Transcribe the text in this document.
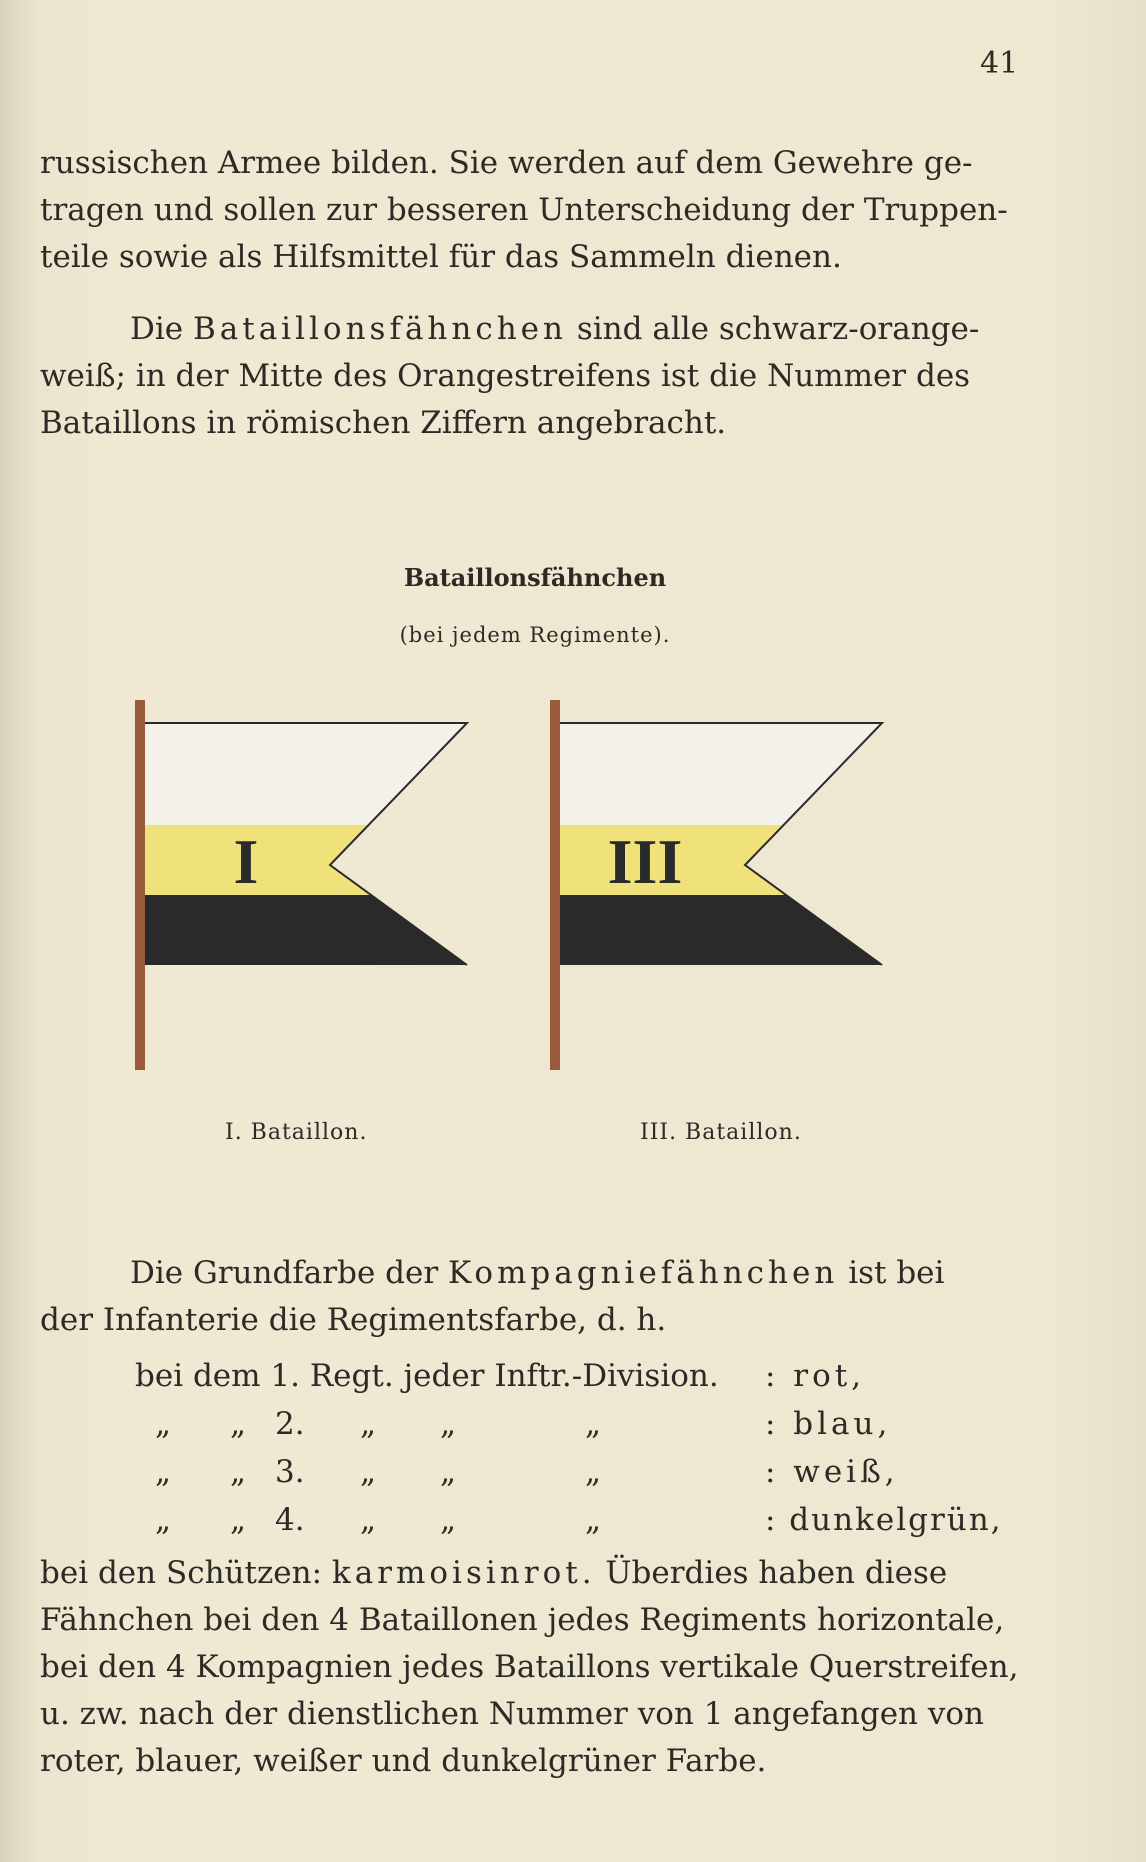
41
russischen Armee bilden. Sie werden auf dem Gewehre ge-
tragen und sollen zur besseren Unterscheidung der Truppen-
teile sowie als Hilfsmittel für das Sammeln dienen.
Die Bataillonsfähnchen sind alle schwarz-orange-
weiß; in der Mitte des Orangestreifens ist die Nummer des
Bataillons in römischen Ziffern angebracht.
Bataillonsfähnchen
(bei jedem Regimente).
I	III
I. Bataillon.	III. Bataillon.
Die Grundfarbe der Kompagniefähnchen ist bei
der Infanterie die Regimentsfarbe, d. h.
bei dem 1. Regt. jeder Inftr.-Division. : rot,
„ „ 2. „ „	„	: blau,
„ „ 3. „ „	„	: weiß,
„ „ 4. „ „	„	: dunkelgrün,
bei den Schützen: karmoisinrot. Überdies haben diese
Fähnchen bei den 4 Bataillonen jedes Regiments horizontale,
bei den 4 Kompagnien jedes Bataillons vertikale Querstreifen,
u. zw. nach der dienstlichen Nummer von 1 angefangen von
roter, blauer, weißer und dunkelgrüner Farbe.
